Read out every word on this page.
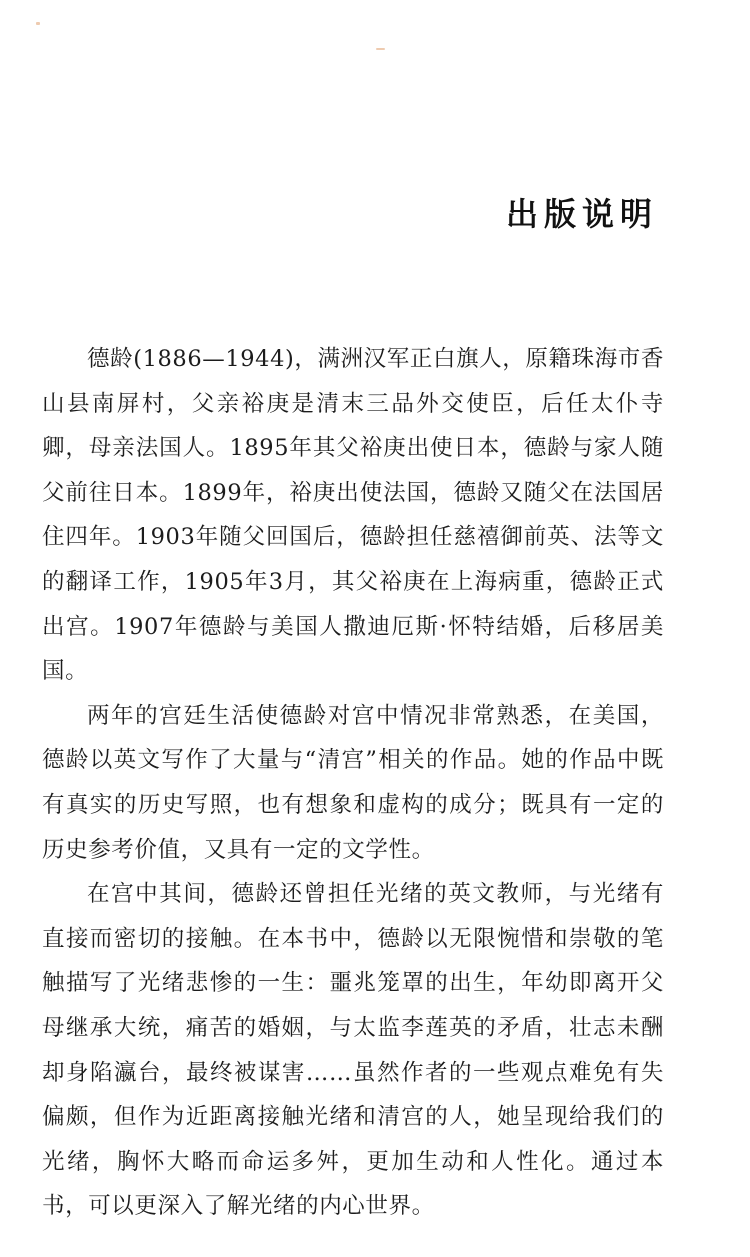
出版说明

德龄(1886—1944)，满洲汉军正白旗人，原籍珠海市香山县南屏村，父亲裕庚是清末三品外交使臣，后任太仆寺卿，母亲法国人。1895年其父裕庚出使日本，德龄与家人随父前往日本。1899年，裕庚出使法国，德龄又随父在法国居住四年。1903年随父回国后，德龄担任慈禧御前英、法等文的翻译工作，1905年3月，其父裕庚在上海病重，德龄正式出宫。1907年德龄与美国人撒迪厄斯·怀特结婚，后移居美国。

两年的宫廷生活使德龄对宫中情况非常熟悉，在美国，德龄以英文写作了大量与“清宫”相关的作品。她的作品中既有真实的历史写照，也有想象和虚构的成分；既具有一定的历史参考价值，又具有一定的文学性。

在宫中其间，德龄还曾担任光绪的英文教师，与光绪有直接而密切的接触。在本书中，德龄以无限惋惜和崇敬的笔触描写了光绪悲惨的一生：噩兆笼罩的出生，年幼即离开父母继承大统，痛苦的婚姻，与太监李莲英的矛盾，壮志未酬却身陷瀛台，最终被谋害……虽然作者的一些观点难免有失偏颇，但作为近距离接触光绪和清宫的人，她呈现给我们的光绪，胸怀大略而命运多舛，更加生动和人性化。通过本书，可以更深入了解光绪的内心世界。
